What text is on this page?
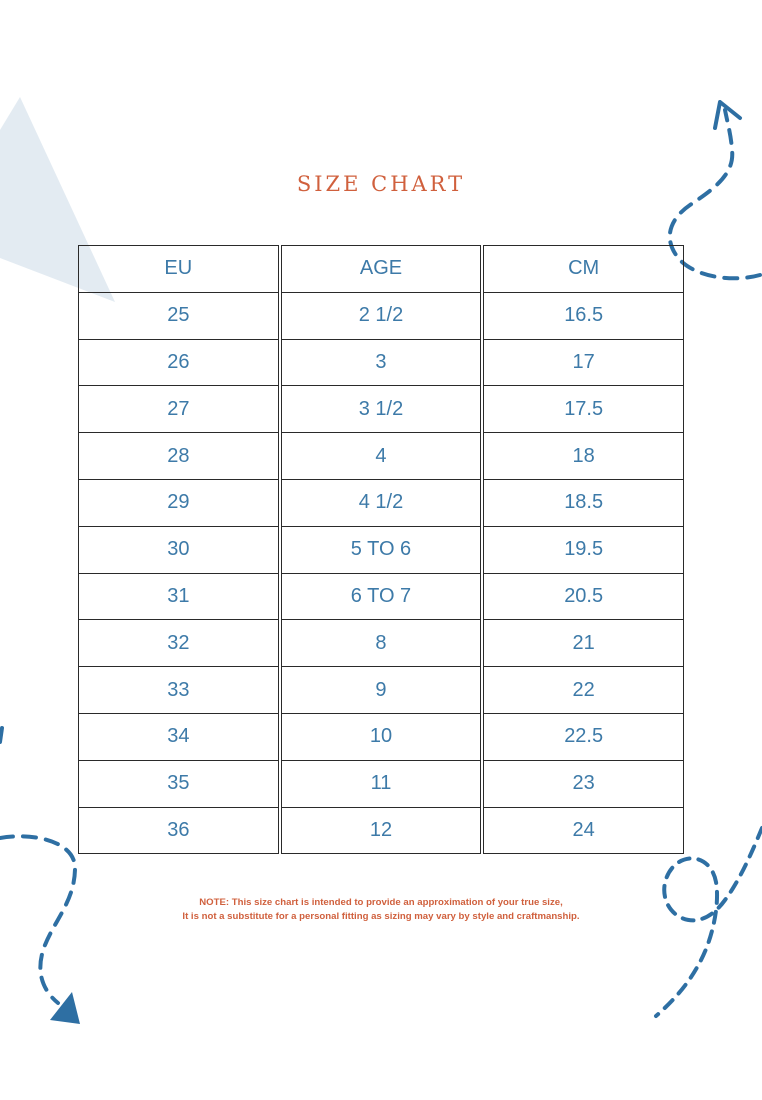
SIZE CHART
EU	AGE	CM
25	2 1/2	16.5
26	3	17
27	3 1/2	17.5
28	4	18
29	4 1/2	18.5
30	5 TO 6	19.5
31	6 TO 7	20.5
32	8	21
33	9	22
34	10	22.5
35	11	23
36	12	24
NOTE: This size chart is intended to provide an approximation of your true size,
It is not a substitute for a personal fitting as sizing may vary by style and craftmanship.
